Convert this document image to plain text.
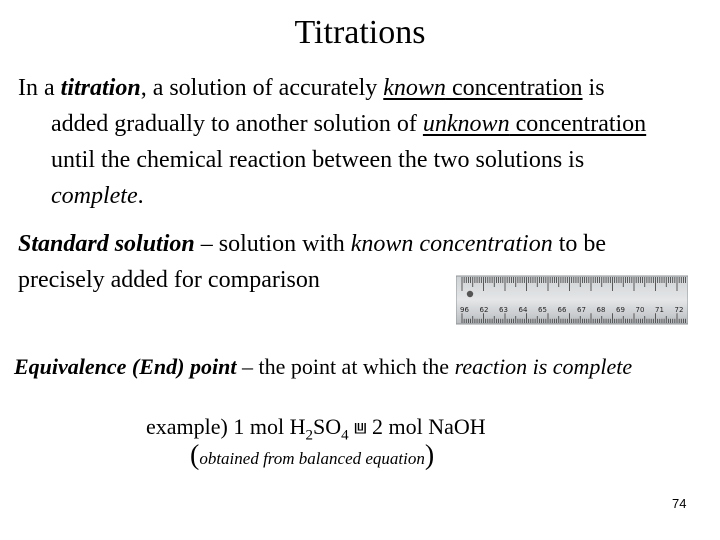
Titrations
In a titration, a solution of accurately known concentration is
added gradually to another solution of unknown concentration
until the chemical reaction between the two solutions is
complete.
Standard solution – solution with known concentration to be
precisely added for comparison
96 62 63 64 65 66 67 68 69 70 71 72
Equivalence (End) point – the point at which the reaction is complete
example) 1 mol $H_2SO_4$ ⩏ 2 mol NaOH
(obtained from balanced equation)
74
